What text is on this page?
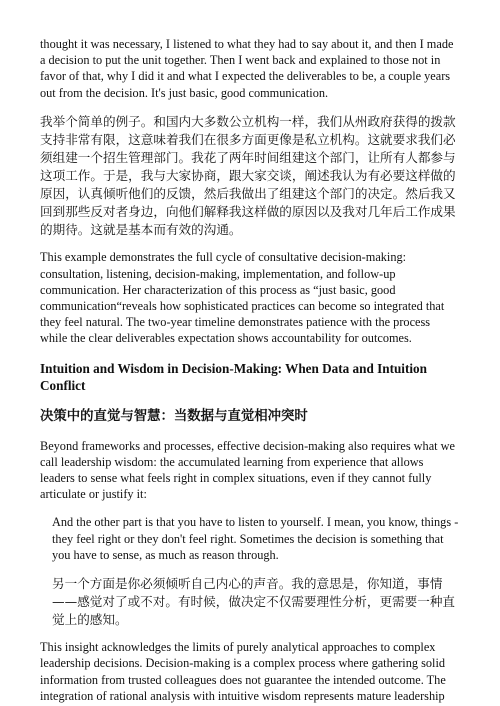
thought it was necessary, I listened to what they had to say about it, and then I made a decision to put the unit together. Then I went back and explained to those not in favor of that, why I did it and what I expected the deliverables to be, a couple years out from the decision. It's just basic, good communication.

我举个简单的例子。和国内大多数公立机构一样，我们从州政府获得的拨款支持非常有限，这意味着我们在很多方面更像是私立机构。这就要求我们必须组建一个招生管理部门。我花了两年时间组建这个部门，让所有人都参与这项工作。于是，我与大家协商，跟大家交谈，阐述我认为有必要这样做的原因，认真倾听他们的反馈，然后我做出了组建这个部门的决定。然后我又回到那些反对者身边，向他们解释我这样做的原因以及我对几年后工作成果的期待。这就是基本而有效的沟通。

This example demonstrates the full cycle of consultative decision-making: consultation, listening, decision-making, implementation, and follow-up communication. Her characterization of this process as “just basic, good communication“reveals how sophisticated practices can become so integrated that they feel natural. The two-year timeline demonstrates patience with the process while the clear deliverables expectation shows accountability for outcomes.

Intuition and Wisdom in Decision-Making: When Data and Intuition Conflict
决策中的直觉与智慧：当数据与直觉相冲突时

Beyond frameworks and processes, effective decision-making also requires what we call leadership wisdom: the accumulated learning from experience that allows leaders to sense what feels right in complex situations, even if they cannot fully articulate or justify it:

And the other part is that you have to listen to yourself. I mean, you know, things - they feel right or they don't feel right. Sometimes the decision is something that you have to sense, as much as reason through.

另一个方面是你必须倾听自己内心的声音。我的意思是，你知道，事情——感觉对了或不对。有时候，做决定不仅需要理性分析，更需要一种直觉上的感知。

This insight acknowledges the limits of purely analytical approaches to complex leadership decisions. Decision-making is a complex process where gathering solid information from trusted colleagues does not guarantee the intended outcome. The integration of rational analysis with intuitive wisdom represents mature leadership
